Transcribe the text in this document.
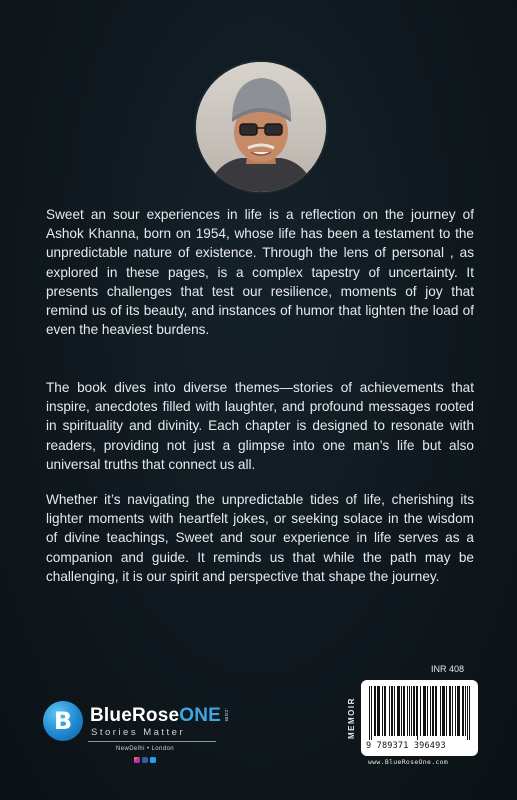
Sweet an sour experiences in life is a reflection on the journey of Ashok Khanna, born on 1954, whose life has been a testament to the unpredictable nature of existence. Through the lens of personal , as explored in these pages, is a complex tapestry of uncertainty. It presents challenges that test our resilience, moments of joy that remind us of its beauty, and instances of humor that lighten the load of even the heaviest burdens.

The book dives into diverse themes—stories of achievements that inspire, anecdotes filled with laughter, and profound messages rooted in spirituality and divinity. Each chapter is designed to resonate with readers, providing not just a glimpse into one man’s life but also universal truths that connect us all.

Whether it’s navigating the unpredictable tides of life, cherishing its lighter moments with heartfelt jokes, or seeking solace in the wisdom of divine teachings, Sweet and sour experience in life serves as a companion and guide. It reminds us that while the path may be challenging, it is our spirit and perspective that shape the journey.

B BlueRoseONE .com
Stories Matter
NewDelhi • London
INR 408
MEMOIR
9 789371 396493
www.BlueRoseOne.com
